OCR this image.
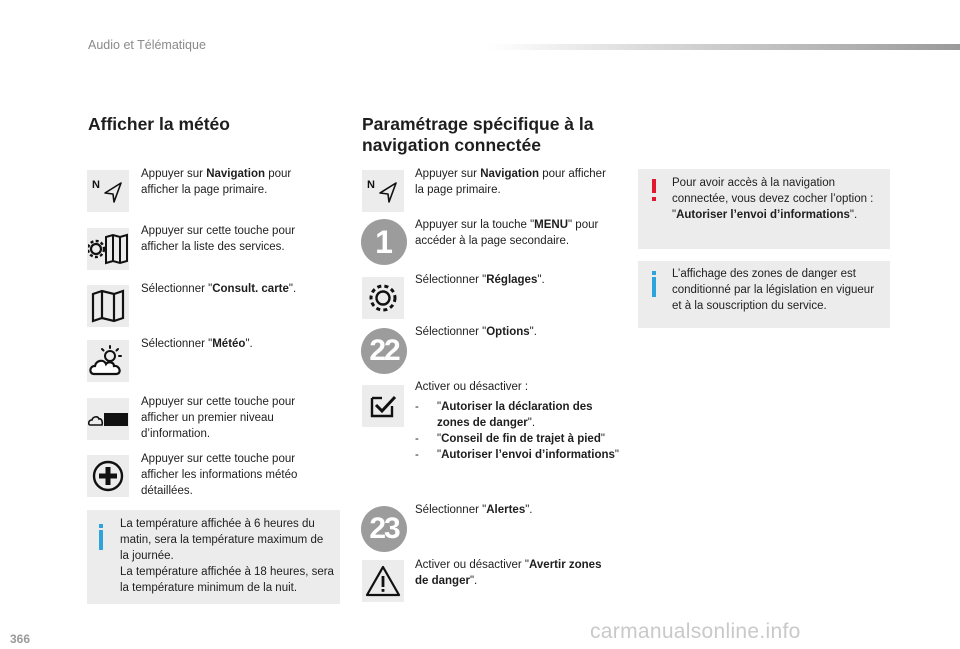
Audio et Télématique
Afficher la météo
N
Appuyer sur Navigation pour afficher la page primaire.
Appuyer sur cette touche pour afficher la liste des services.
Sélectionner "Consult. carte".
Sélectionner "Météo".
Appuyer sur cette touche pour afficher un premier niveau d’information.
Appuyer sur cette touche pour afficher les informations météo détaillées.
La température affichée à 6 heures du matin, sera la température maximum de la journée.
La température affichée à 18 heures, sera la température minimum de la nuit.
Paramétrage spécifique à la
navigation connectée
N
Appuyer sur Navigation pour afficher la page primaire.
1	Appuyer sur la touche "MENU" pour accéder à la page secondaire.
Sélectionner "Réglages".
22
Sélectionner "Options".
Activer ou désactiver :
- "Autoriser la déclaration des zones de danger".
- "Conseil de fin de trajet à pied"
- "Autoriser l’envoi d’informations"
23
Sélectionner "Alertes".
Activer ou désactiver "Avertir zones de danger".
Pour avoir accès à la navigation connectée, vous devez cocher l’option : "Autoriser l’envoi d’informations".
L’affichage des zones de danger est conditionné par la législation en vigueur et à la souscription du service.
366	carmanualsonline.info
